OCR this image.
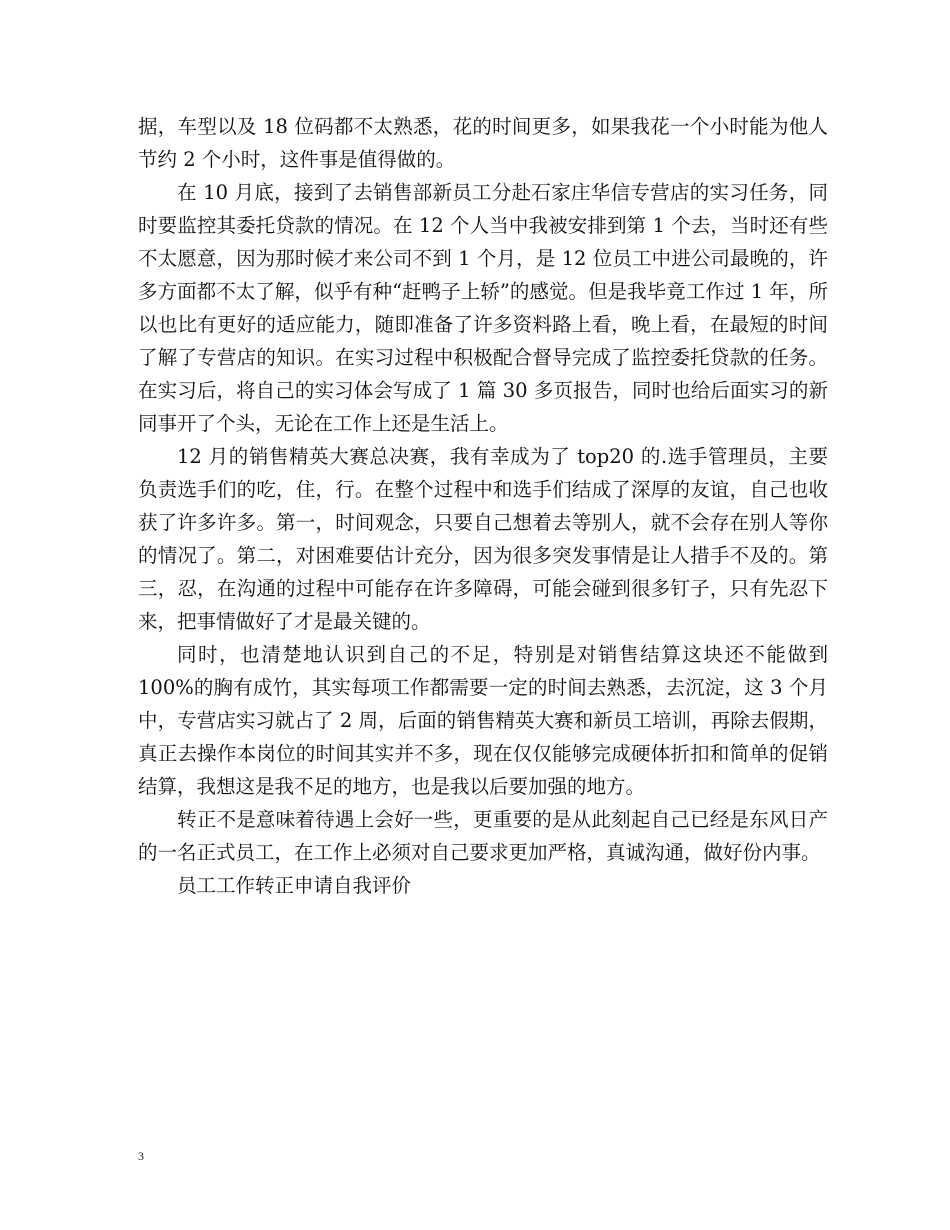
据，车型以及 18 位码都不太熟悉，花的时间更多，如果我花一个小时能为他人节约 2 个小时，这件事是值得做的。

在 10 月底，接到了去销售部新员工分赴石家庄华信专营店的实习任务，同时要监控其委托贷款的情况。在 12 个人当中我被安排到第 1 个去，当时还有些不太愿意，因为那时候才来公司不到 1 个月，是 12 位员工中进公司最晚的，许多方面都不太了解，似乎有种“赶鸭子上轿”的感觉。但是我毕竟工作过 1 年，所以也比有更好的适应能力，随即准备了许多资料路上看，晚上看，在最短的时间了解了专营店的知识。在实习过程中积极配合督导完成了监控委托贷款的任务。在实习后，将自己的实习体会写成了 1 篇 30 多页报告，同时也给后面实习的新同事开了个头，无论在工作上还是生活上。

12 月的销售精英大赛总决赛，我有幸成为了 top20 的.选手管理员，主要负责选手们的吃，住，行。在整个过程中和选手们结成了深厚的友谊，自己也收获了许多许多。第一，时间观念，只要自己想着去等别人，就不会存在别人等你的情况了。第二，对困难要估计充分，因为很多突发事情是让人措手不及的。第三，忍，在沟通的过程中可能存在许多障碍，可能会碰到很多钉子，只有先忍下来，把事情做好了才是最关键的。

同时，也清楚地认识到自己的不足，特别是对销售结算这块还不能做到 100%的胸有成竹，其实每项工作都需要一定的时间去熟悉，去沉淀，这 3 个月中，专营店实习就占了 2 周，后面的销售精英大赛和新员工培训，再除去假期，真正去操作本岗位的时间其实并不多，现在仅仅能够完成硬体折扣和简单的促销结算，我想这是我不足的地方，也是我以后要加强的地方。

转正不是意味着待遇上会好一些，更重要的是从此刻起自己已经是东风日产的一名正式员工，在工作上必须对自己要求更加严格，真诚沟通，做好份内事。

员工工作转正申请自我评价

3
